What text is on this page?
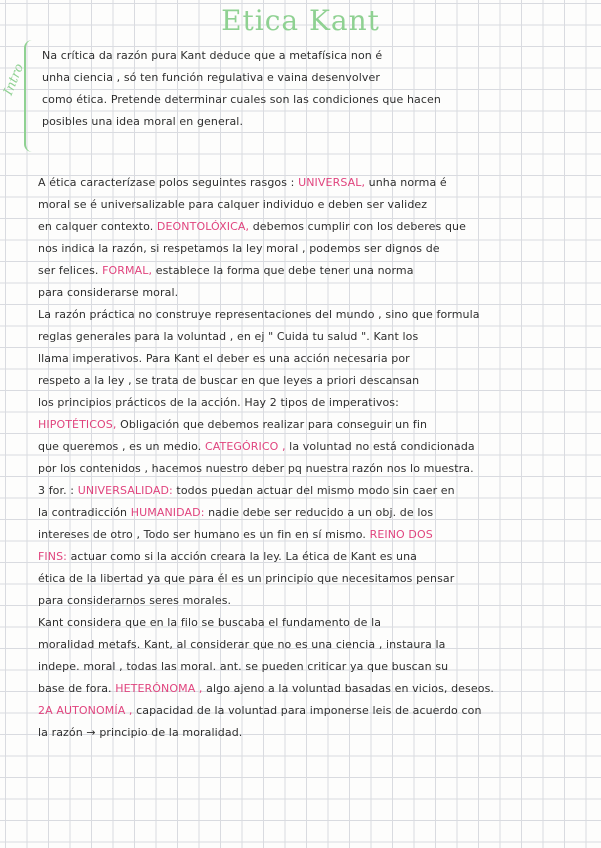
Etica Kant
Intro
Na crítica da razón pura Kant deduce que a metafísica non é
unha ciencia , só ten función regulativa e vaina desenvolver
como ética. Pretende determinar cuales son las condiciones que hacen
posibles una idea moral en general.
A ética caracterízase polos seguintes rasgos : UNIVERSAL, unha norma é
moral se é universalizable para calquer individuo e deben ser validez
en calquer contexto. DEONTOLÓXICA, debemos cumplir con los deberes que
nos indica la razón, si respetamos la ley moral , podemos ser dignos de
ser felices. FORMAL, establece la forma que debe tener una norma
para considerarse moral.
La razón práctica no construye representaciones del mundo , sino que formula
reglas generales para la voluntad , en ej " Cuida tu salud ". Kant los
llama imperativos. Para Kant el deber es una acción necesaria por
respeto a la ley , se trata de buscar en que leyes a priori descansan
los principios prácticos de la acción. Hay 2 tipos de imperativos:
HIPOTÉTICOS, Obligación que debemos realizar para conseguir un fin
que queremos , es un medio. CATEGÓRICO , la voluntad no está condicionada
por los contenidos , hacemos nuestro deber pq nuestra razón nos lo muestra.
3 for. : UNIVERSALIDAD: todos puedan actuar del mismo modo sin caer en
la contradicción HUMANIDAD: nadie debe ser reducido a un obj. de los
intereses de otro , Todo ser humano es un fin en sí mismo. REINO DOS
FINS: actuar como si la acción creara la ley. La ética de Kant es una
ética de la libertad ya que para él es un principio que necesitamos pensar
para considerarnos seres morales.
Kant considera que en la filo se buscaba el fundamento de la
moralidad metafs. Kant, al considerar que no es una ciencia , instaura la
indepe. moral , todas las moral. ant. se pueden criticar ya que buscan su
base de fora. HETERÓNOMA , algo ajeno a la voluntad basadas en vicios, deseos.
2A AUTONOMÍA , capacidad de la voluntad para imponerse leis de acuerdo con
la razón → principio de la moralidad.
